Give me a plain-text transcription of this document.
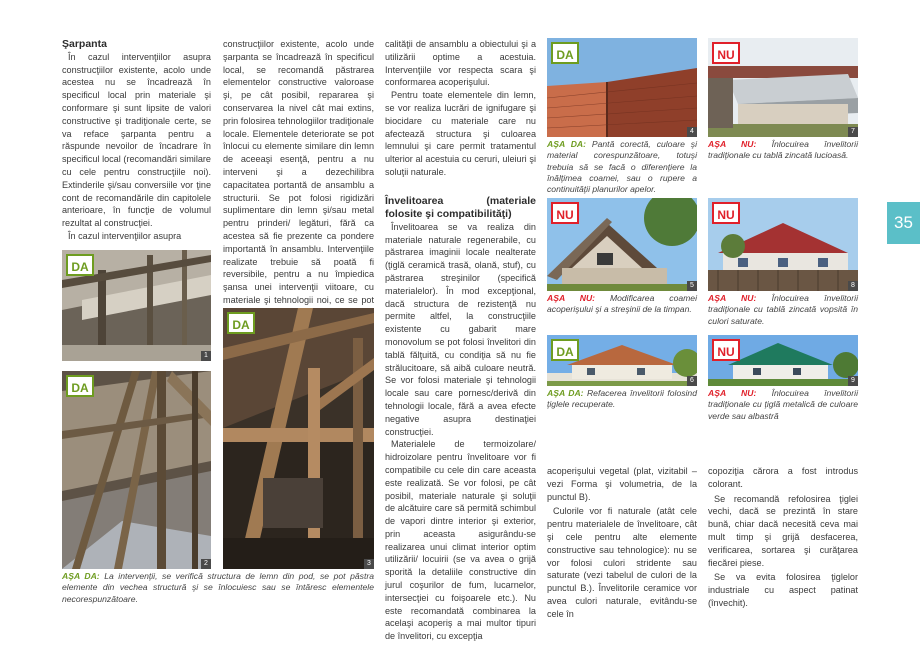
Şarpanta

În cazul intervenţiilor asupra construcţiilor existente, acolo unde acestea nu se încadrează în specificul local prin materiale şi conformare şi sunt lipsite de valori constructive şi tradiţionale certe, se va reface şarpanta pentru a răspunde nevoilor de încadrare în specificul local (recomandări similare cu cele pentru construcţiile noi). Extinderile şi/sau conversiile vor ţine cont de recomandările din capitolele anterioare, în funcţie de volumul rezultat al construcţiei.

În cazul intervenţiilor asupra

construcţiilor existente, acolo unde şarpanta se încadrează în specificul local, se recomandă păstrarea elementelor constructive valoroase şi, pe cât posibil, repararea şi conservarea la nivel cât mai extins, prin folosirea tehnologiilor tradiţionale locale. Elementele deteriorate se pot înlocui cu elemente similare din lemn de aceeaşi esenţă, pentru a nu interveni şi a dezechilibra capacitatea portantă de ansamblu a structurii. Se pot folosi rigidizări suplimentare din lemn şi/sau metal pentru prinderi/ legături, fără ca acestea să fie prezente ca pondere importantă în ansamblu. Intervenţiile realizate trebuie să poată fi reversibile, pentru a nu împiedica şansa unei intervenţii viitoare, cu materiale şi tehnologii noi, ce se pot

calităţii de ansamblu a obiectului şi a utilizării optime a acestuia. Intervenţiile vor respecta scara şi conformarea acoperişului.

Pentru toate elementele din lemn, se vor realiza lucrări de ignifugare şi biocidare cu materiale care nu afectează structura şi culoarea lemnului şi care permit tratamentul ulterior al acestuia cu ceruri, uleiuri şi soluţii naturale.

Învelitoarea (materiale folosite şi compatibilităţi)

Învelitoarea se va realiza din materiale naturale regenerabile, cu păstrarea imaginii locale nealterate (ţiglă ceramică trasă, olană, stuf), cu păstrarea streşinilor (specifică materialelor). În mod excepţional, dacă structura de rezistenţă nu permite altfel, la construcţiile existente cu gabarit mare monovolum se pot folosi învelitori din tablă fălţuită, cu condiţia să nu fie strălucitoare, să aibă culoare neutră. Se vor folosi materiale şi tehnologii locale sau care pornesc/derivă din tehnologii locale, fără a avea efecte negative asupra destinaţiei construcţiei.

Materialele de termoizolare/ hidroizolare pentru învelitoare vor fi compatibile cu cele din care aceasta este realizată. Se vor folosi, pe cât posibil, materiale naturale şi soluţii de alcătuire care să permită schimbul de vapori dintre interior şi exterior, prin aceasta asigurându-se realizarea unui climat interior optim utilizării/ locuirii (se va avea o grijă sporită la detaliile constructive din jurul coşurilor de fum, lucarnelor, intersecţiei cu foişoarele etc.). Nu este recomandată combinarea la acelaşi acoperiş a mai multor tipuri de învelitori, cu excepţia

acoperişului vegetal (plat, vizitabil – vezi Forma şi volumetria, de la punctul B).

Culorile vor fi naturale (atât cele pentru materialele de învelitoare, cât şi cele pentru alte elemente constructive sau tehnologice): nu se vor folosi culori stridente sau saturate (vezi tabelul de culori de la punctul B.). Învelitorile ceramice vor avea culori naturale, evitându-se cele în

copoziţia cărora a fost introdus colorant.

Se recomandă refolosirea ţiglei vechi, dacă se prezintă în stare bună, chiar dacă necesită ceva mai mult timp şi grijă desfacerea, verificarea, sortarea şi curăţarea fiecărei piese.

Se va evita folosirea ţiglelor industriale cu aspect patinat (învechit).

DA
1
DA
2
DA
3
DA
4
NU
5
DA
6
NU
7
NU
8
NU
9
AŞA DA: La intervenţii, se verifică structura de lemn din pod, se pot păstra elemente din vechea structură şi se înlocuiesc sau se întăresc elementele necorespunzătoare.
AŞA DA: Pantă corectă, culoare şi material corespunzătoare, totuşi trebuia să se facă o diferenţiere la înălţimea coamei, sau o rupere a continuităţii planurilor apelor.
AŞA NU: Modificarea coamei acoperişului şi a streşinii de la timpan.
AŞA DA: Refacerea învelitorii folosind ţiglele recuperate.
AŞA NU: Înlocuirea învelitorii tradiţionale cu tablă zincată lucioasă.
AŞA NU: Înlocuirea învelitorii tradiţionale cu tablă zincată vopsită în culori saturate.
AŞA NU: Înlocuirea învelitorii tradiţionale cu ţiglă metalică de culoare verde sau albastră
35
